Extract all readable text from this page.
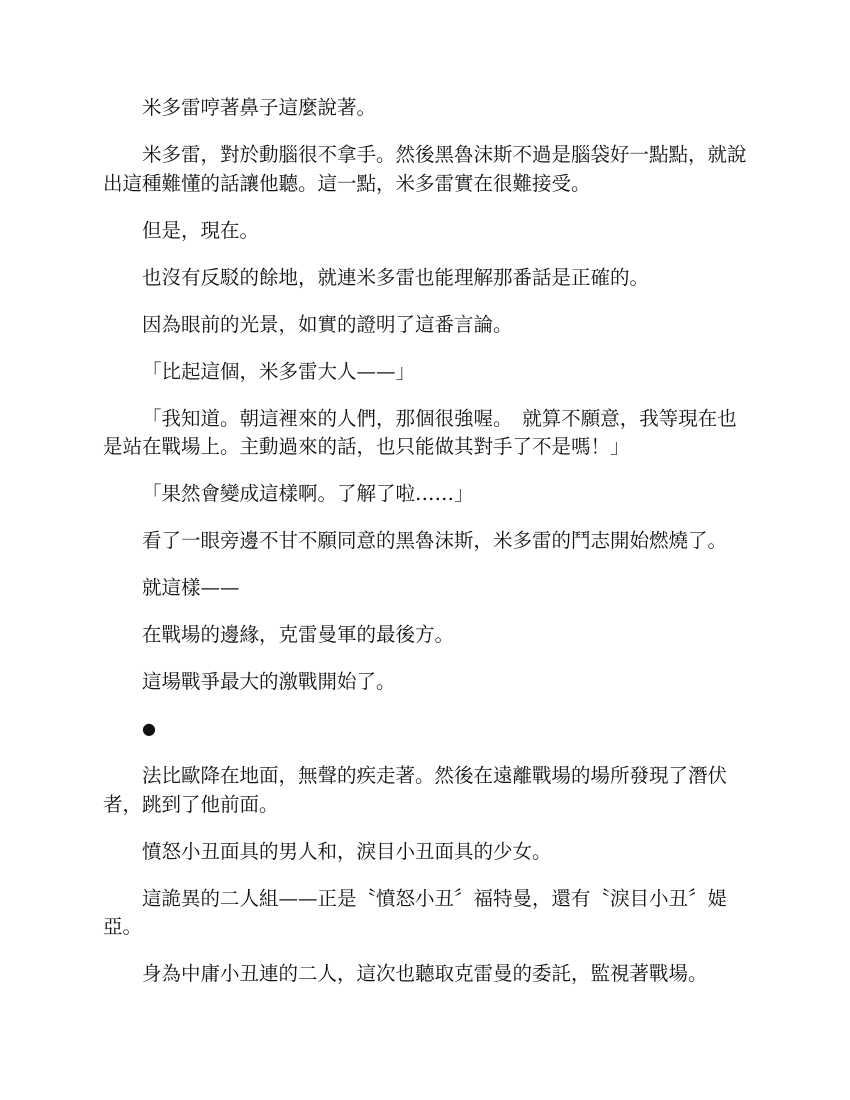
米多雷哼著鼻子這麼說著。

米多雷，對於動腦很不拿手。然後黑魯沫斯不過是腦袋好一點點，就說出這種難懂的話讓他聽。這一點，米多雷實在很難接受。

但是，現在。

也沒有反駁的餘地，就連米多雷也能理解那番話是正確的。

因為眼前的光景，如實的證明了這番言論。

「比起這個，米多雷大人——」

「我知道。朝這裡來的人們，那個很強喔。　就算不願意，我等現在也是站在戰場上。主動過來的話，也只能做其對手了不是嗎！」

「果然會變成這樣啊。了解了啦……」

看了一眼旁邊不甘不願同意的黑魯沫斯，米多雷的鬥志開始燃燒了。

就這樣——

在戰場的邊緣，克雷曼軍的最後方。

這場戰爭最大的激戰開始了。

●

法比歐降在地面，無聲的疾走著。然後在遠離戰場的場所發現了潛伏者，跳到了他前面。

憤怒小丑面具的男人和，淚目小丑面具的少女。

這詭異的二人組——正是〝憤怒小丑〞福特曼，還有〝淚目小丑〞媞亞。

身為中庸小丑連的二人，這次也聽取克雷曼的委託，監視著戰場。
